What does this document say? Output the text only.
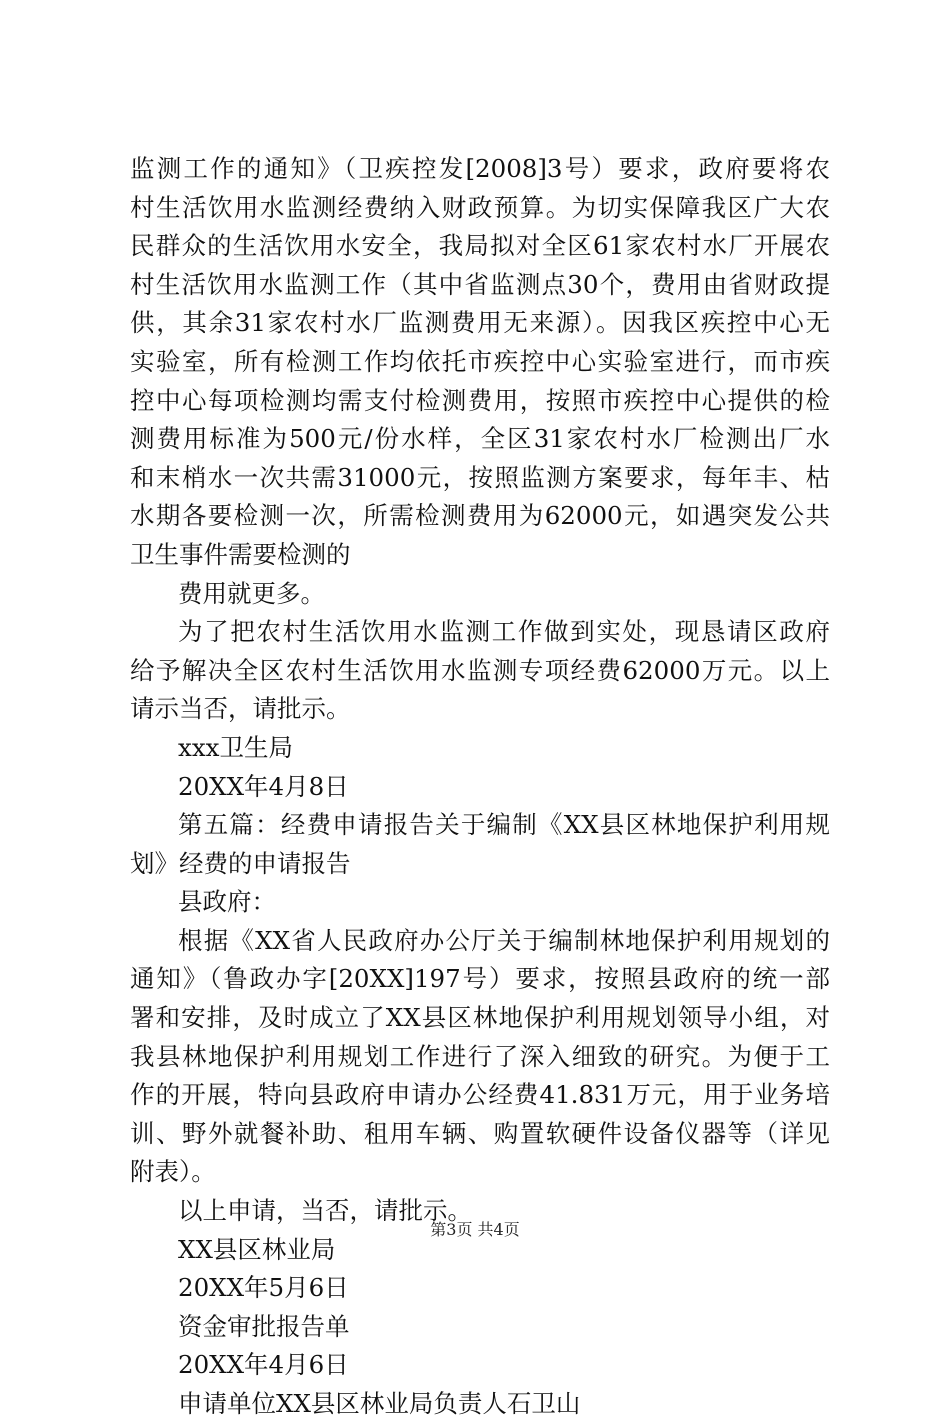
监测工作的通知》（卫疾控发[2008]3号）要求，政府要将农
村生活饮用水监测经费纳入财政预算。为切实保障我区广大农
民群众的生活饮用水安全，我局拟对全区61家农村水厂开展农
村生活饮用水监测工作（其中省监测点30个，费用由省财政提
供，其余31家农村水厂监测费用无来源）。因我区疾控中心无
实验室，所有检测工作均依托市疾控中心实验室进行，而市疾
控中心每项检测均需支付检测费用，按照市疾控中心提供的检
测费用标准为500元/份水样，全区31家农村水厂检测出厂水
和末梢水一次共需31000元，按照监测方案要求，每年丰、枯
水期各要检测一次，所需检测费用为62000元，如遇突发公共
卫生事件需要检测的
费用就更多。
为了把农村生活饮用水监测工作做到实处，现恳请区政府
给予解决全区农村生活饮用水监测专项经费62000万元。以上
请示当否，请批示。
xxx卫生局
20XX年4月8日
第五篇：经费申请报告关于编制《XX县区林地保护利用规
划》经费的申请报告
县政府：
根据《XX省人民政府办公厅关于编制林地保护利用规划的
通知》（鲁政办字[20XX]197号）要求，按照县政府的统一部
署和安排，及时成立了XX县区林地保护利用规划领导小组，对
我县林地保护利用规划工作进行了深入细致的研究。为便于工
作的开展，特向县政府申请办公经费41.831万元，用于业务培
训、野外就餐补助、租用车辆、购置软硬件设备仪器等（详见
附表）。
以上申请，当否，请批示。
XX县区林业局
20XX年5月6日
资金审批报告单
20XX年4月6日
申请单位XX县区林业局负责人石卫山
第3页 共4页
